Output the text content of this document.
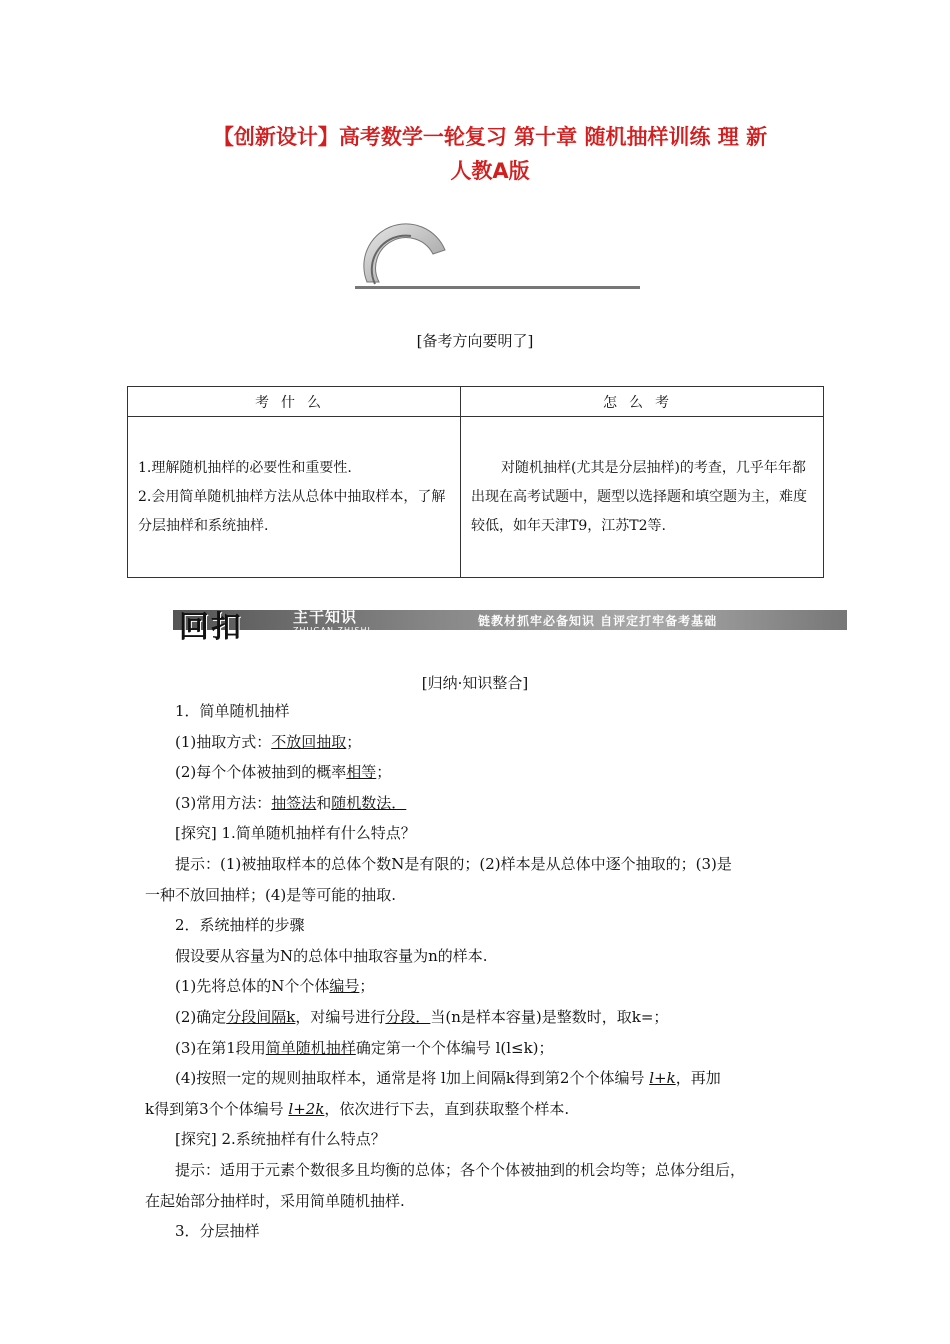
【创新设计】高考数学一轮复习 第十章 随机抽样训练 理 新
人教A版
[备考方向要明了]
考什么	怎么考

1.理解随机抽样的必要性和重要性.
2.会用简单随机抽样方法从总体中抽取样本，了解分层抽样和系统抽样.	对随机抽样(尤其是分层抽样)的考查，几乎年年都出现在高考试题中，题型以选择题和填空题为主，难度较低，如年天津T9，江苏T2等.
回扣	主干知识
ZHUGAN ZHISHI
链教材抓牢必备知识 自评定打牢备考基础
[归纳·知识整合]

1．简单随机抽样

(1)抽取方式：不放回抽取；

(2)每个个体被抽到的概率相等；

(3)常用方法：抽签法和随机数法．

[探究] 1.简单随机抽样有什么特点？

提示：(1)被抽取样本的总体个数N是有限的；(2)样本是从总体中逐个抽取的；(3)是

一种不放回抽样；(4)是等可能的抽取.

2．系统抽样的步骤

假设要从容量为N的总体中抽取容量为n的样本.

(1)先将总体的N个个体编号；

(2)确定分段间隔k，对编号进行分段．当(n是样本容量)是整数时，取k=；

(3)在第1段用简单随机抽样确定第一个个体编号 l(l≤k)；

(4)按照一定的规则抽取样本，通常是将 l加上间隔k得到第2个个体编号 l+k，再加

k得到第3个个体编号 l+2k，依次进行下去，直到获取整个样本.

[探究] 2.系统抽样有什么特点？

提示：适用于元素个数很多且均衡的总体；各个个体被抽到的机会均等；总体分组后，

在起始部分抽样时，采用简单随机抽样.

3．分层抽样
